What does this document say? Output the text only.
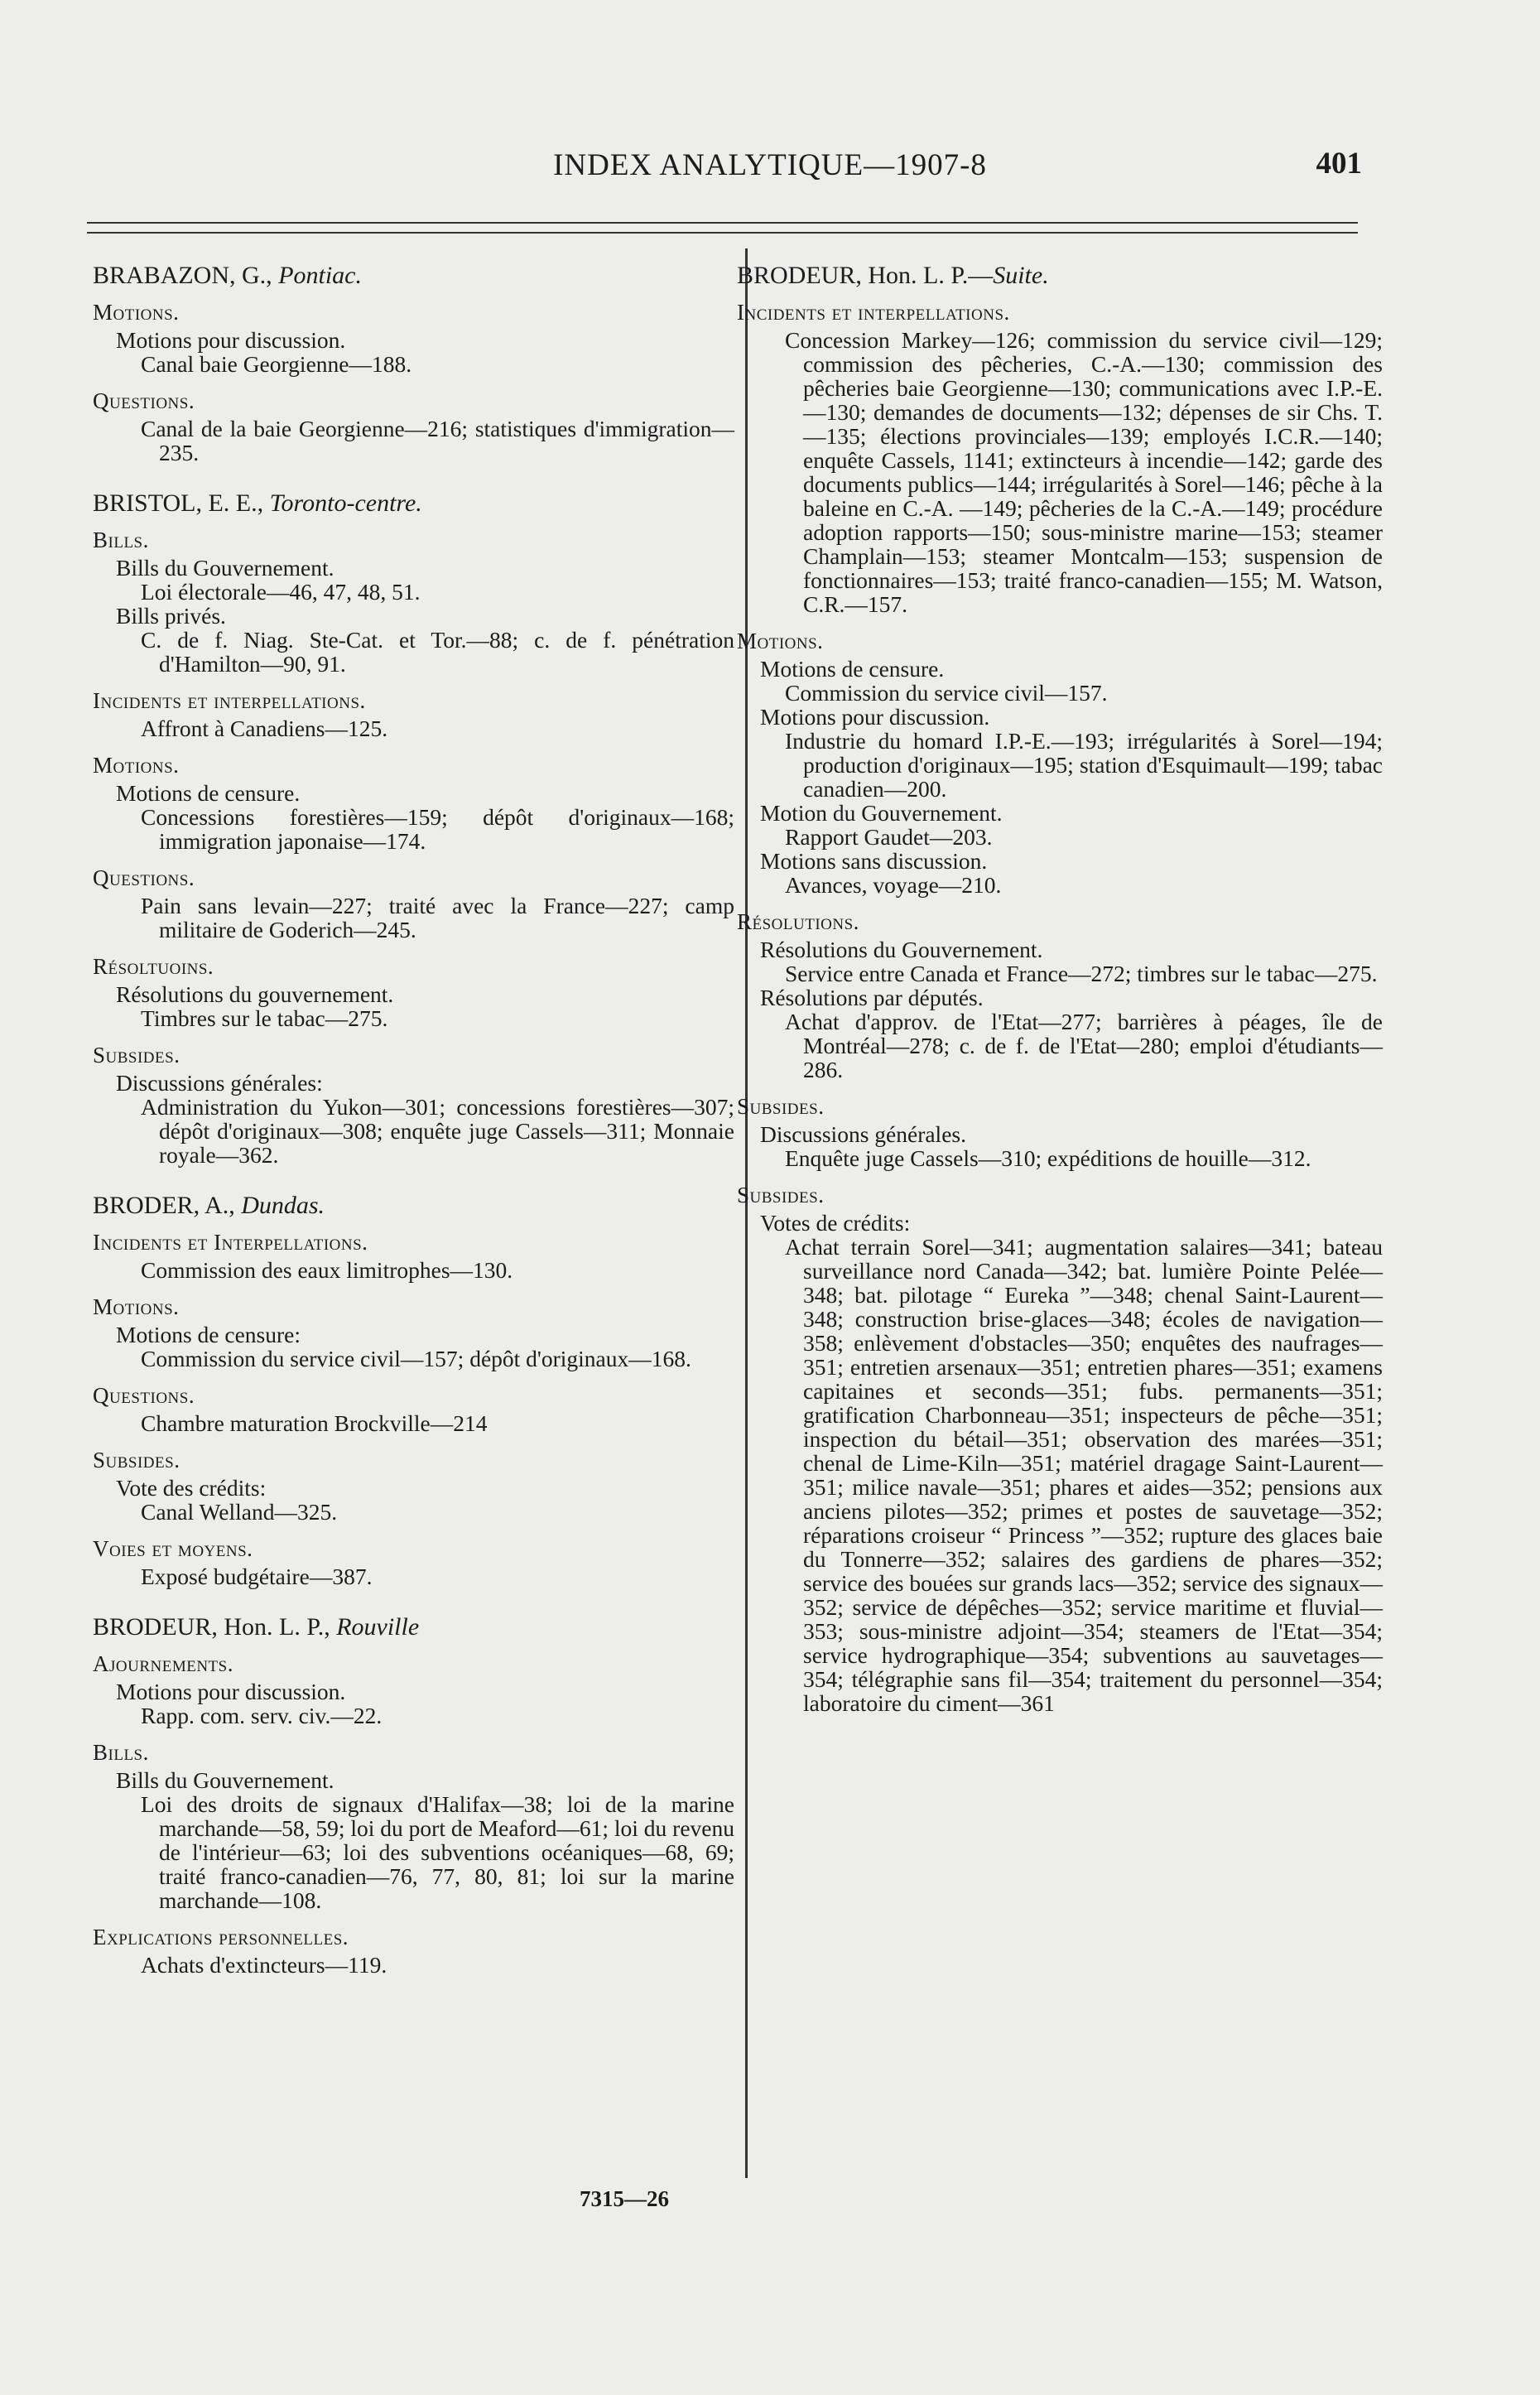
INDEX ANALYTIQUE—1907-8	401
BRABAZON, G., Pontiac.
Motions.
Motions pour discussion.
Canal baie Georgienne—188.
Questions.
Canal de la baie Georgienne—216; statistiques d'immigration—235.
BRISTOL, E. E., Toronto-centre.
Bills.
Bills du Gouvernement.
Loi électorale—46, 47, 48, 51.
Bills privés.
C. de f. Niag. Ste-Cat. et Tor.—88; c. de f. pénétration d'Hamilton—90, 91.
Incidents et interpellations.
Affront à Canadiens—125.
Motions.
Motions de censure.
Concessions forestières—159; dépôt d'originaux—168; immigration japonaise—174.
Questions.
Pain sans levain—227; traité avec la France—227; camp militaire de Goderich—245.
Résoltuoins.
Résolutions du gouvernement.
Timbres sur le tabac—275.
Subsides.
Discussions générales:
Administration du Yukon—301; concessions forestières—307; dépôt d'originaux—308; enquête juge Cassels—311; Monnaie royale—362.
BRODER, A., Dundas.
Incidents et Interpellations.
Commission des eaux limitrophes—130.
Motions.
Motions de censure:
Commission du service civil—157; dépôt d'originaux—168.
Questions.
Chambre maturation Brockville—214
Subsides.
Vote des crédits:
Canal Welland—325.
Voies et moyens.
Exposé budgétaire—387.
BRODEUR, Hon. L. P., Rouville
Ajournements.
Motions pour discussion.
Rapp. com. serv. civ.—22.
Bills.
Bills du Gouvernement.
Loi des droits de signaux d'Halifax—38; loi de la marine marchande—58, 59; loi du port de Meaford—61; loi du revenu de l'intérieur—63; loi des subventions océaniques—68, 69; traité franco-canadien—76, 77, 80, 81; loi sur la marine marchande—108.
Explications personnelles.
Achats d'extincteurs—119.
BRODEUR, Hon. L. P.—Suite.
Incidents et interpellations.
Concession Markey—126; commission du service civil—129; commission des pêcheries, C.-A.—130; commission des pêcheries baie Georgienne—130; communications avec I.P.-E.—130; demandes de documents—132; dépenses de sir Chs. T.—135; élections provinciales—139; employés I.C.R.—140; enquête Cassels, 1141; extincteurs à incendie—142; garde des documents publics—144; irrégularités à Sorel—146; pêche à la baleine en C.-A. —149; pêcheries de la C.-A.—149; procédure adoption rapports—150; sous-ministre marine—153; steamer Champlain—153; steamer Montcalm—153; suspension de fonctionnaires—153; traité franco-canadien—155; M. Watson, C.R.—157.
Motions.
Motions de censure.
Commission du service civil—157.
Motions pour discussion.
Industrie du homard I.P.-E.—193; irrégularités à Sorel—194; production d'originaux—195; station d'Esquimault—199; tabac canadien—200.
Motion du Gouvernement.
Rapport Gaudet—203.
Motions sans discussion.
Avances, voyage—210.
Résolutions.
Résolutions du Gouvernement.
Service entre Canada et France—272; timbres sur le tabac—275.
Résolutions par députés.
Achat d'approv. de l'Etat—277; barrières à péages, île de Montréal—278; c. de f. de l'Etat—280; emploi d'étudiants—286.
Subsides.
Discussions générales.
Enquête juge Cassels—310; expéditions de houille—312.
Subsides.
Votes de crédits:
Achat terrain Sorel—341; augmentation salaires—341; bateau surveillance nord Canada—342; bat. lumière Pointe Pelée—348; bat. pilotage “ Eureka ”—348; chenal Saint-Laurent—348; construction brise-glaces—348; écoles de navigation—358; enlèvement d'obstacles—350; enquêtes des naufrages—351; entretien arsenaux—351; entretien phares—351; examens capitaines et seconds—351; fubs. permanents—351; gratification Charbonneau—351; inspecteurs de pêche—351; inspection du bétail—351; observation des marées—351; chenal de Lime-Kiln—351; matériel dragage Saint-Laurent—351; milice navale—351; phares et aides—352; pensions aux anciens pilotes—352; primes et postes de sauvetage—352; réparations croiseur “ Princess ”—352; rupture des glaces baie du Tonnerre—352; salaires des gardiens de phares—352; service des bouées sur grands lacs—352; service des signaux—352; service de dépêches—352; service maritime et fluvial—353; sous-ministre adjoint—354; steamers de l'Etat—354; service hydrographique—354; subventions au sauvetages—354; télégraphie sans fil—354; traitement du personnel—354; laboratoire du ciment—361
7315—26
